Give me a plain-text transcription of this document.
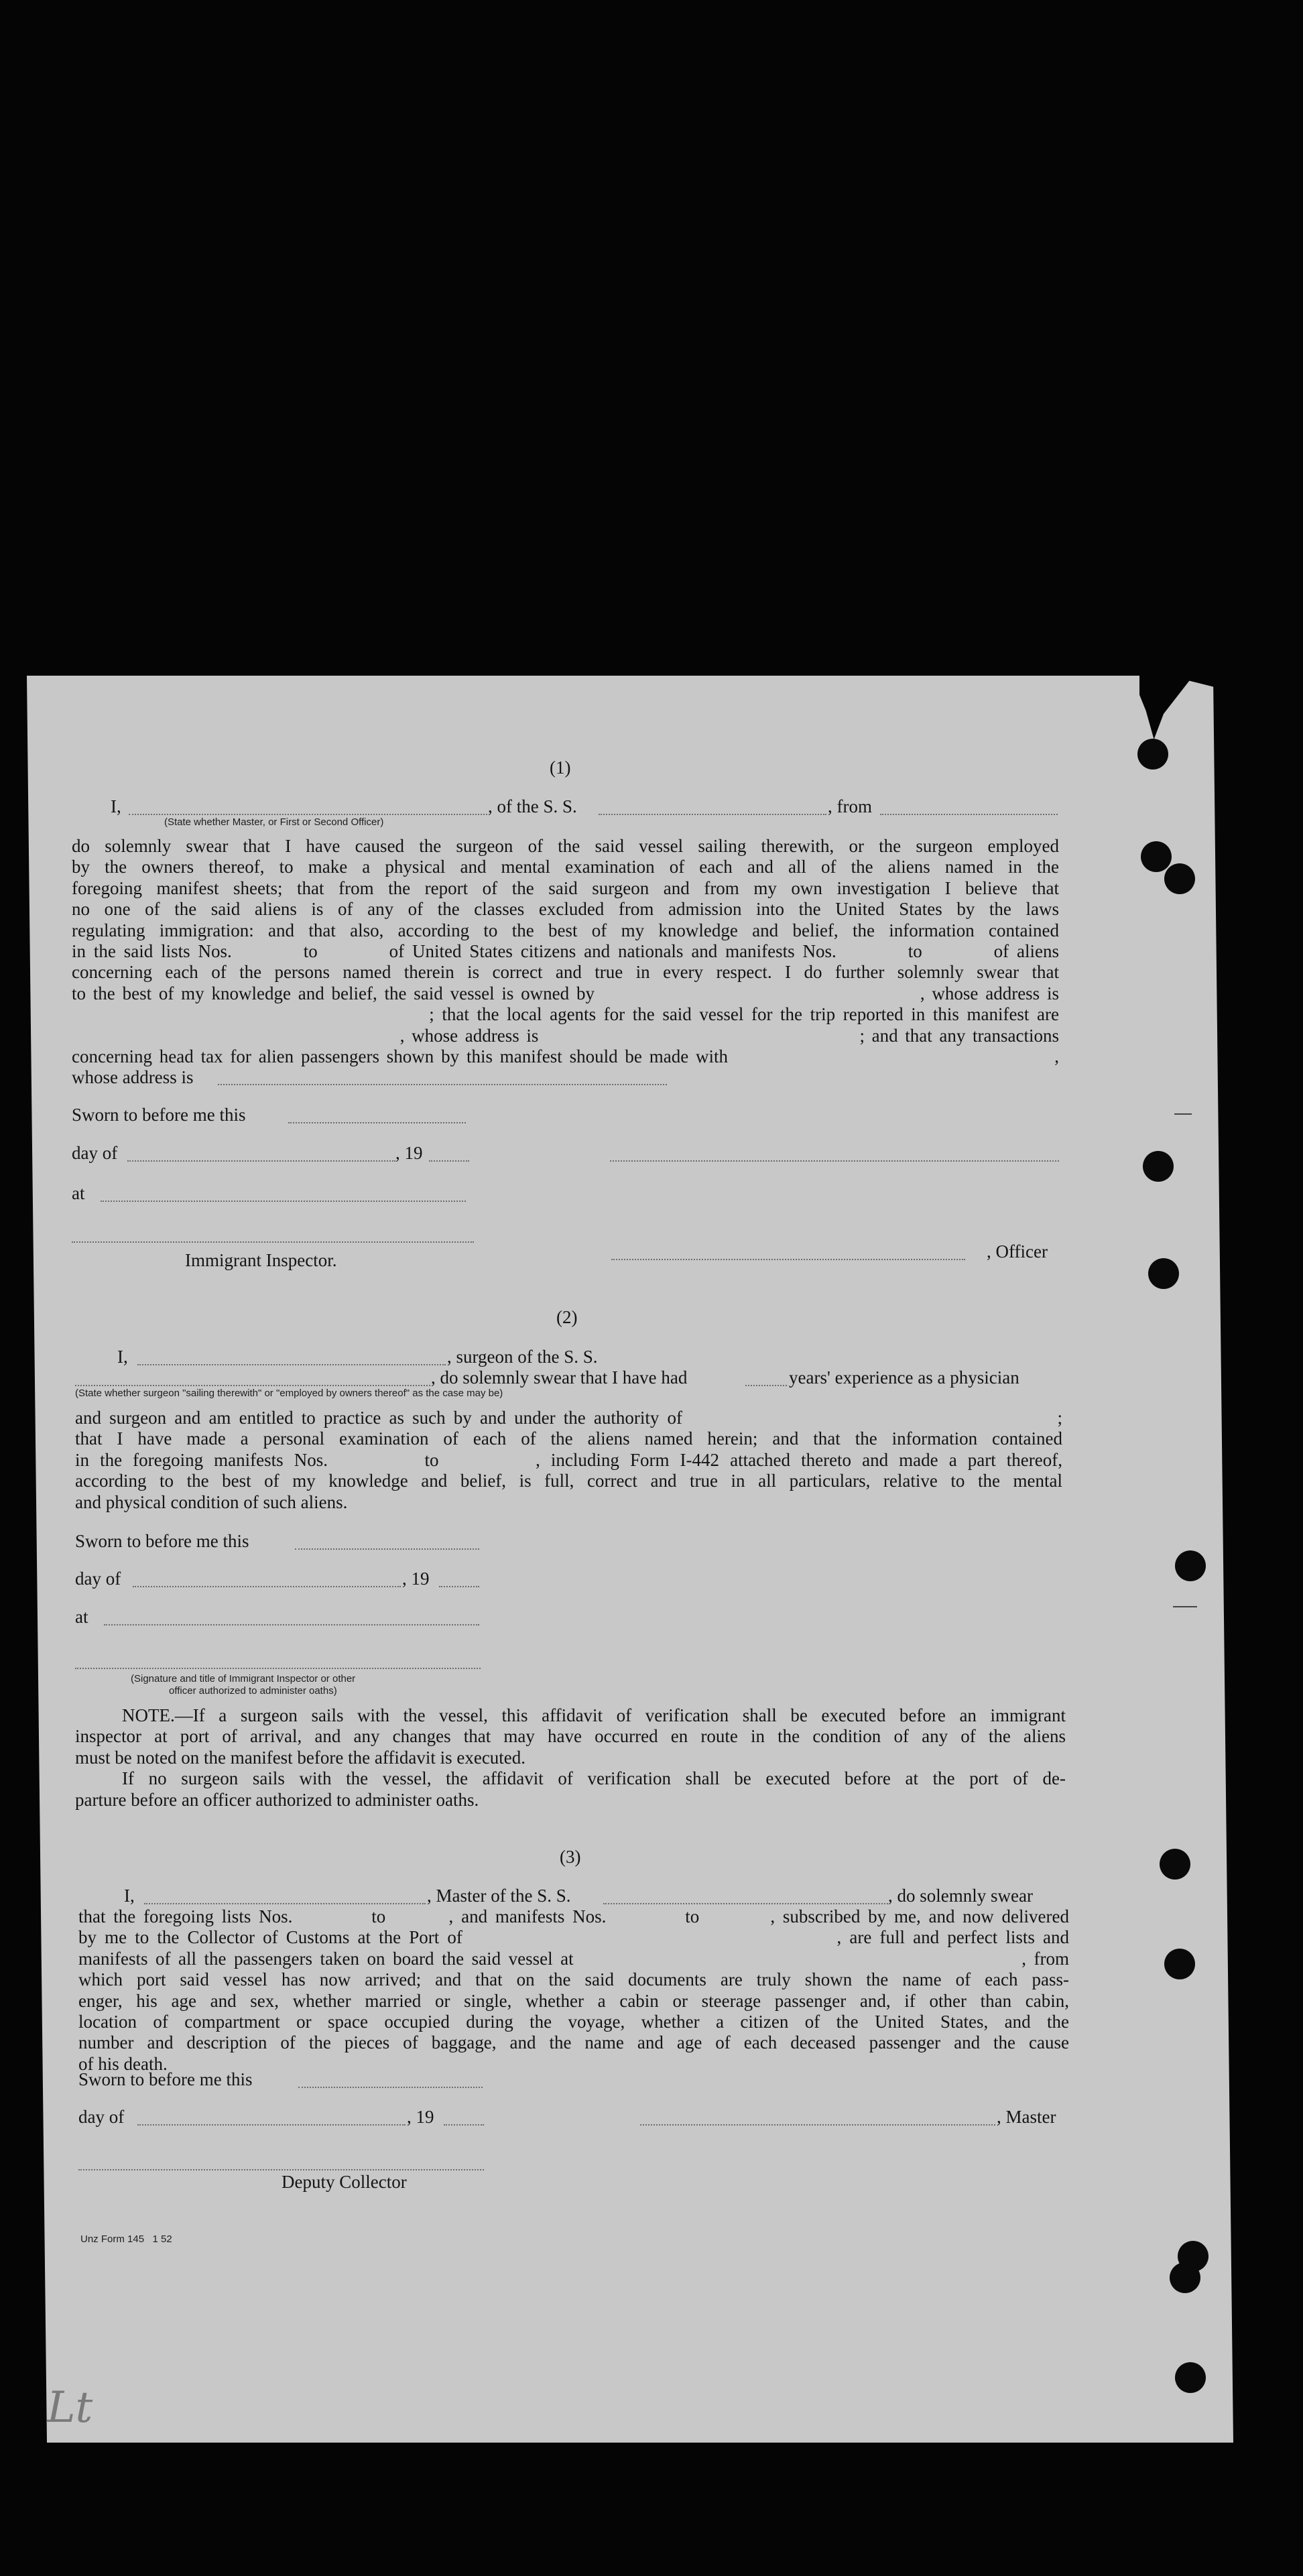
(1)
I,	, of the S. S.	, from
(State whether Master, or First or Second Officer)
do solemnly swear that I have caused the surgeon of the said vessel sailing therewith, or the surgeon employed
by the owners thereof, to make a physical and mental examination of each and all of the aliens named in the
foregoing manifest sheets; that from the report of the said surgeon and from my own investigation I believe that
no one of the said aliens is of any of the classes excluded from admission into the United States by the laws
regulating immigration: and that also, according to the best of my knowledge and belief, the information contained
in the said lists Nos.         to         of United States citizens and nationals and manifests Nos.         to         of aliens
concerning each of the persons named therein is correct and true in every respect. I do further solemnly swear that
to the best of my knowledge and belief, the said vessel is owned by                                             , whose address is
; that the local agents for the said vessel for the trip reported in this manifest are
, whose address is                                             ; and that any transactions
concerning head tax for alien passengers shown by this manifest should be made with                                             ,
whose address is
Sworn to before me this
day of	, 19
at
Immigrant Inspector.	, Officer
(2)
I,	, surgeon of the S. S.
, do solemnly swear that I have had	years' experience as a physician
(State whether surgeon "sailing therewith" or "employed by owners thereof" as the case may be)
and surgeon and am entitled to practice as such by and under the authority of                                              ;
that I have made a personal examination of each of the aliens named herein; and that the information contained
in the foregoing manifests Nos.         to         , including Form I-442 attached thereto and made a part thereof,
according to the best of my knowledge and belief, is full, correct and true in all particulars, relative to the mental
and physical condition of such aliens.
Sworn to before me this
day of	, 19
at
(Signature and title of Immigrant Inspector or other
officer authorized to administer oaths)
NOTE.—If a surgeon sails with the vessel, this affidavit of verification shall be executed before an immigrant
inspector at port of arrival, and any changes that may have occurred en route in the condition of any of the aliens
must be noted on the manifest before the affidavit is executed.
If no surgeon sails with the vessel, the affidavit of verification shall be executed before at the port of de-
parture before an officer authorized to administer oaths.
(3)
I,	, Master of the S. S.	, do solemnly swear
that the foregoing lists Nos.          to        , and manifests Nos.          to         , subscribed by me, and now delivered
by me to the Collector of Customs at the Port of                                              , are full and perfect lists and
manifests of all the passengers taken on board the said vessel at                                                          , from
which port said vessel has now arrived; and that on the said documents are truly shown the name of each pass-
enger, his age and sex, whether married or single, whether a cabin or steerage passenger and, if other than cabin,
location of compartment or space occupied during the voyage, whether a citizen of the United States, and the
number and description of the pieces of baggage, and the name and age of each deceased passenger and the cause
of his death.
Sworn to before me this
day of	, 19	, Master
Deputy Collector
Unz Form 145   1 52
Lt
